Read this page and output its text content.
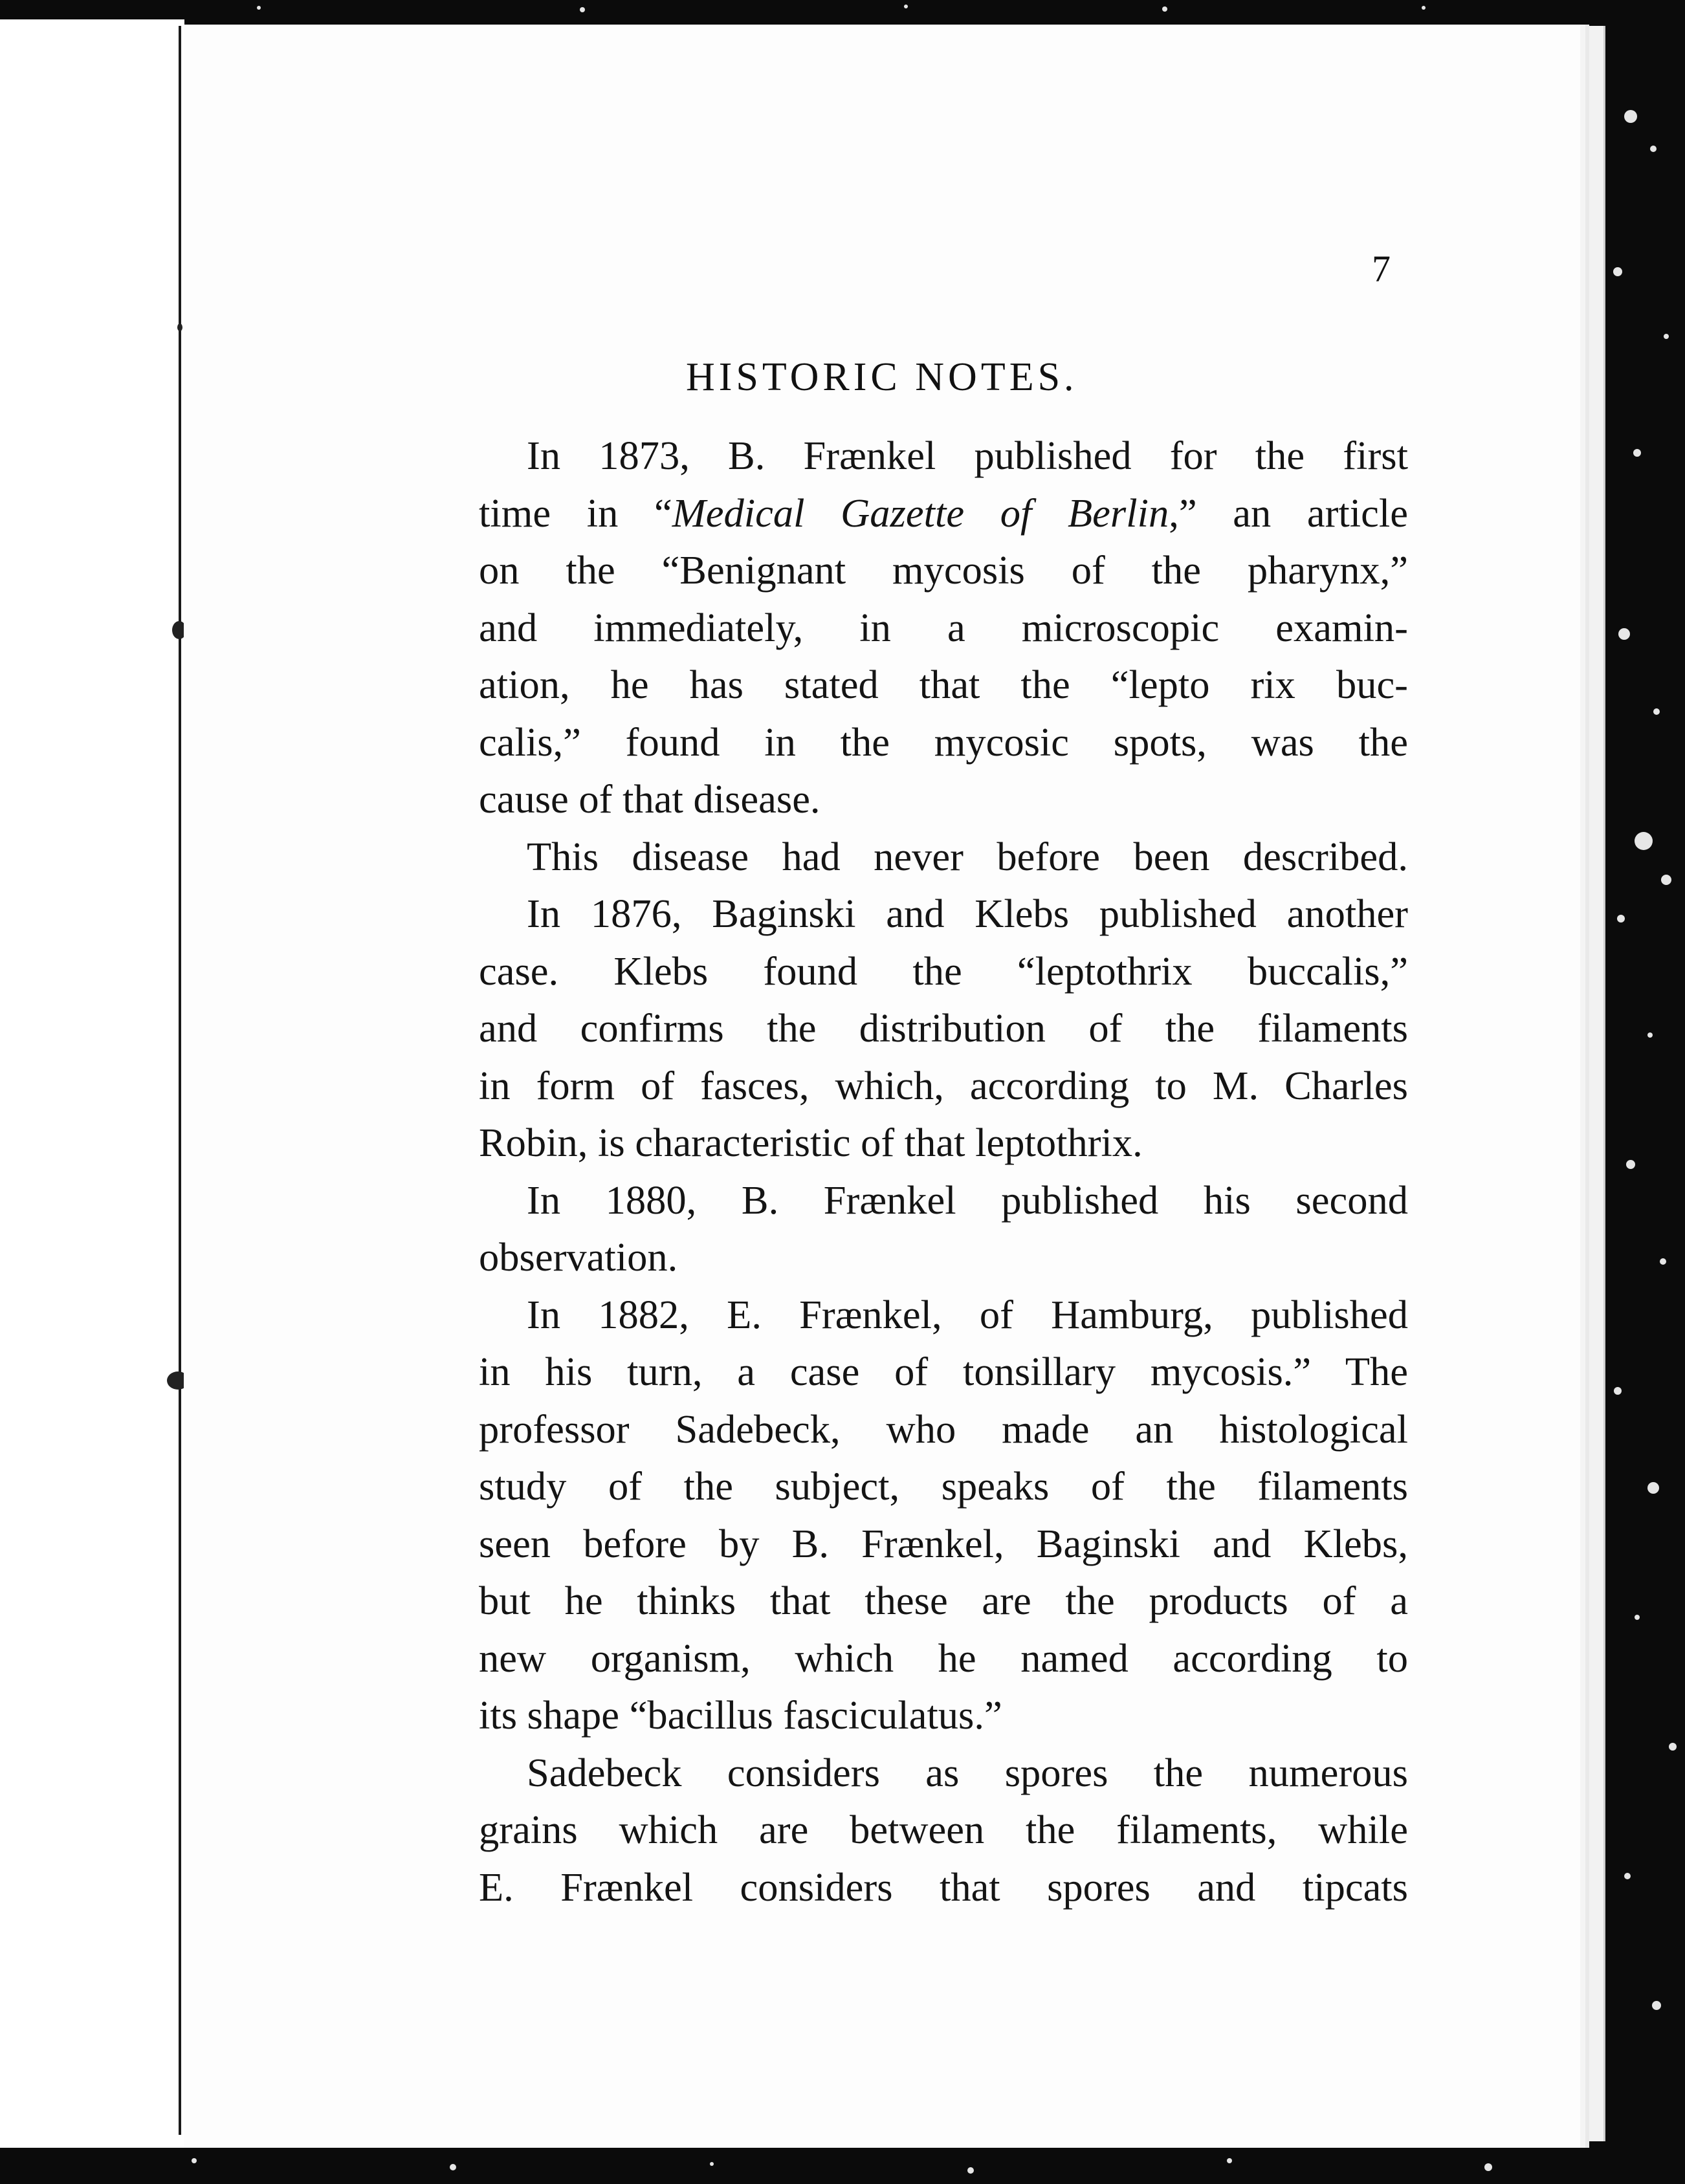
7
HISTORIC NOTES.

In 1873, B. Frænkel published for the first
time in “Medical Gazette of Berlin,” an article
on the “Benignant mycosis of the pharynx,”
and immediately, in a microscopic examin-
ation, he has stated that the “lepto rix buc-
calis,” found in the mycosic spots, was the
cause of that disease.

This disease had never before been described.

In 1876, Baginski and Klebs published another
case. Klebs found the “leptothrix buccalis,”
and confirms the distribution of the filaments
in form of fasces, which, according to M. Charles
Robin, is characteristic of that leptothrix.

In 1880, B. Frænkel published his second
observation.

In 1882, E. Frænkel, of Hamburg, published
in his turn, a case of tonsillary mycosis.” The
professor Sadebeck, who made an histological
study of the subject, speaks of the filaments
seen before by B. Frænkel, Baginski and Klebs,
but he thinks that these are the products of a
new organism, which he named according to
its shape “bacillus fasciculatus.”

Sadebeck considers as spores the numerous
grains which are between the filaments, while
E. Frænkel considers that spores and tipcats
